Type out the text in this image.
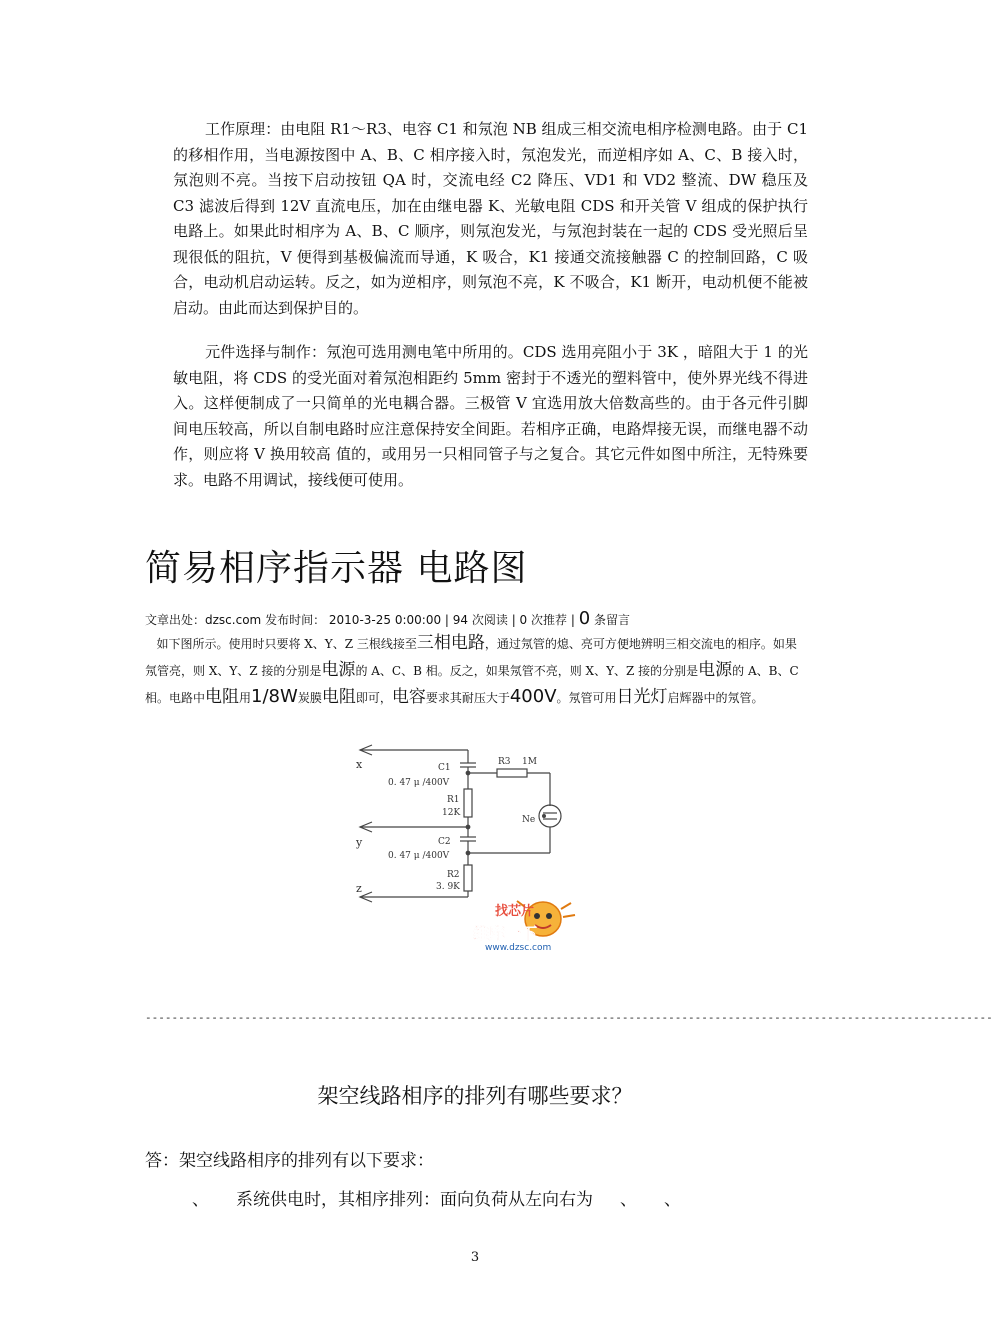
工作原理：由电阻 R1～R3、电容 C1 和氖泡 NB 组成三相交流电相序检测电路。由于 C1 的移相作用，当电源按图中 A、B、C 相序接入时，氖泡发光，而逆相序如 A、C、B 接入时，氖泡则不亮。当按下启动按钮 QA 时，交流电经 C2 降压、VD1 和 VD2 整流、DW 稳压及 C3 滤波后得到 12V 直流电压，加在由继电器 K、光敏电阻 CDS 和开关管 V 组成的保护执行电路上。如果此时相序为 A、B、C 顺序，则氖泡发光，与氖泡封装在一起的 CDS 受光照后呈现很低的阻抗，V 便得到基极偏流而导通，K 吸合，K1 接通交流接触器 C 的控制回路，C 吸合，电动机启动运转。反之，如为逆相序，则氖泡不亮，K 不吸合，K1 断开，电动机便不能被启动。由此而达到保护目的。
元件选择与制作：氖泡可选用测电笔中所用的。CDS 选用亮阻小于 3K ，暗阻大于 1 的光敏电阻，将 CDS 的受光面对着氖泡相距约 5mm 密封于不透光的塑料管中，使外界光线不得进入。这样便制成了一只简单的光电耦合器。三极管 V 宜选用放大倍数高些的。由于各元件引脚间电压较高，所以自制电路时应注意保持安全间距。若相序正确，电路焊接无误，而继电器不动作，则应将 V 换用较高 值的，或用另一只相同管子与之复合。其它元件如图中所注，无特殊要求。电路不用调试，接线便可使用。
简易相序指示器 电路图
文章出处：dzsc.com 发布时间： 2010-3-25 0:00:00 | 94 次阅读 | 0 次推荐 | 0 条留言
如下图所示。使用时只要将 X、Y、Z 三根线接至三相电路，通过氖管的熄、亮可方便地辨明三相交流电的相序。如果氖管亮，则 X、Y、Z 接的分别是电源的 A、C、B 相。反之，如果氖管不亮，则 X、Y、Z 接的分别是电源的 A、B、C 相。电路中电阻用1/8W炭膜电阻即可，电容要求其耐压大于400V。氖管可用日光灯启辉器中的氖管。
x	C1
0. 47 μ /400V
R3 1M
Ne
R1
12K
y	C2
0. 47 μ /400V
R2
3. 9K
z
找芯片
维库一下
www.dzsc.com
--------------------------------------------------------------------------------------------------------------------------------
架空线路相序的排列有哪些要求？
答：架空线路相序的排列有以下要求：
、     系统供电时，其相序排列：面向负荷从左向右为     、     、
3
